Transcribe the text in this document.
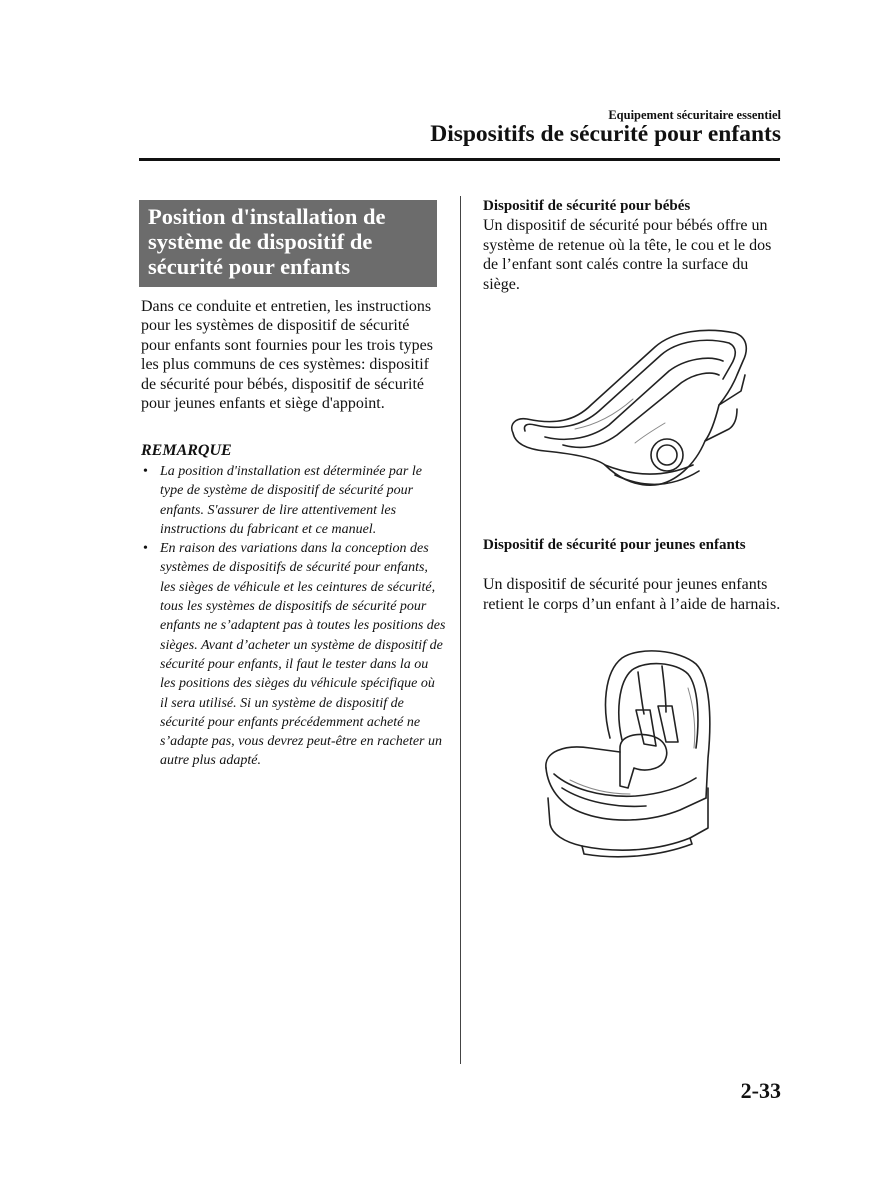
Equipement sécuritaire essentiel
Dispositifs de sécurité pour enfants
Position d'installation de système de dispositif de sécurité pour enfants
Dans ce conduite et entretien, les instructions pour les systèmes de dispositif de sécurité pour enfants sont fournies pour les trois types les plus communs de ces systèmes: dispositif de sécurité pour bébés, dispositif de sécurité pour jeunes enfants et siège d'appoint.
REMARQUE
• La position d'installation est déterminée par le type de système de dispositif de sécurité pour enfants. S'assurer de lire attentivement les instructions du fabricant et ce manuel.
• En raison des variations dans la conception des systèmes de dispositifs de sécurité pour enfants, les sièges de véhicule et les ceintures de sécurité, tous les systèmes de dispositifs de sécurité pour enfants ne s’adaptent pas à toutes les positions des sièges. Avant d’acheter un système de dispositif de sécurité pour enfants, il faut le tester dans la ou les positions des sièges du véhicule spécifique où il sera utilisé. Si un système de dispositif de sécurité pour enfants précédemment acheté ne s’adapte pas, vous devrez peut-être en racheter un autre plus adapté.
Dispositif de sécurité pour bébés
Un dispositif de sécurité pour bébés offre un système de retenue où la tête, le cou et le dos de l’enfant sont calés contre la surface du siège.
Dispositif de sécurité pour jeunes enfants
Un dispositif de sécurité pour jeunes enfants retient le corps d’un enfant à l’aide de harnais.
2-33
